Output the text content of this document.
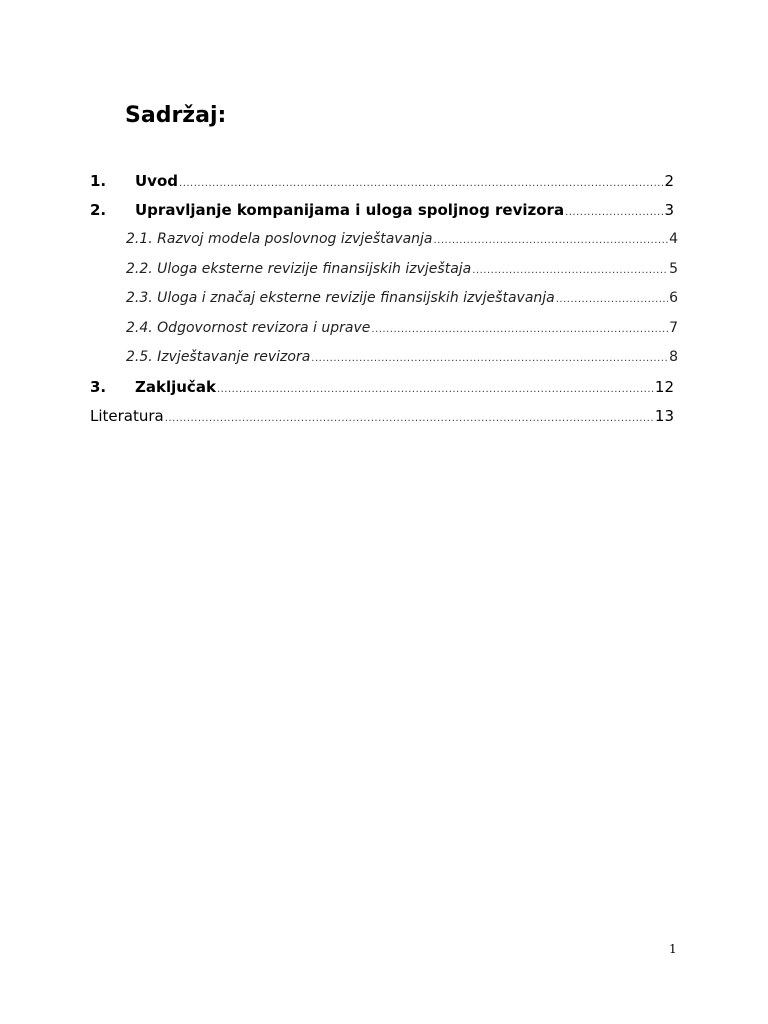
Sadržaj:
1.	Uvod .....	2
2.	Upravljanje kompanijama i uloga spoljnog revizora .....	3
2.1. Razvoj modela poslovnog izvještavanja .....	4
2.2. Uloga eksterne revizije finansijskih izvještaja .....	5
2.3. Uloga i značaj eksterne revizije finansijskih izvještavanja .....	6
2.4. Odgovornost revizora i uprave .....	7
2.5. Izvještavanje revizora .....	8
3.	Zaključak .....	12
Literatura .....	13
1
